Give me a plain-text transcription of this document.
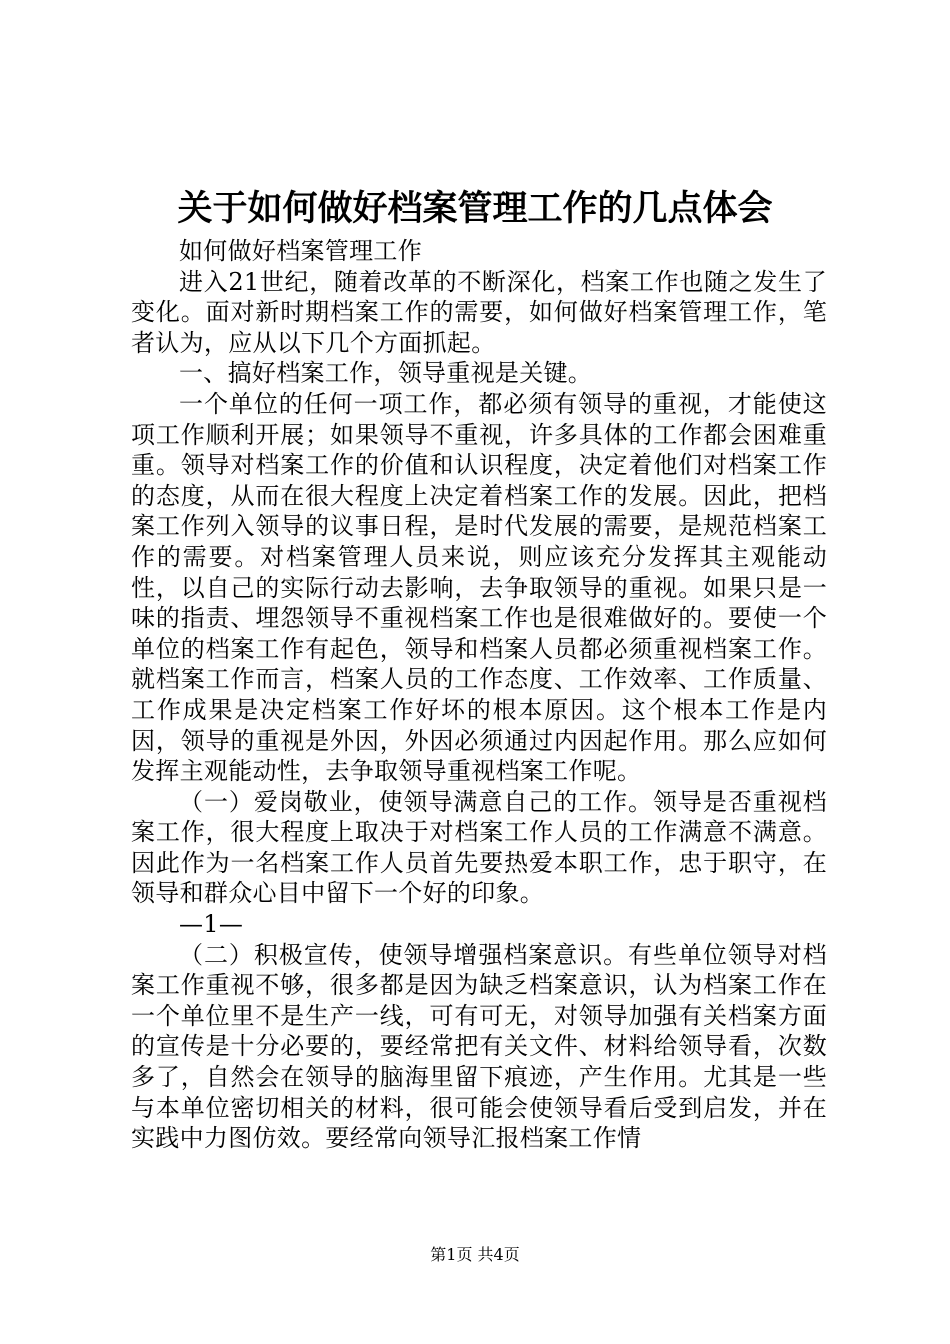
关于如何做好档案管理工作的几点体会

如何做好档案管理工作

进入21世纪，随着改革的不断深化，档案工作也随之发生了变化。面对新时期档案工作的需要，如何做好档案管理工作，笔者认为，应从以下几个方面抓起。

一、搞好档案工作，领导重视是关键。

一个单位的任何一项工作，都必须有领导的重视，才能使这项工作顺利开展；如果领导不重视，许多具体的工作都会困难重重。领导对档案工作的价值和认识程度，决定着他们对档案工作的态度，从而在很大程度上决定着档案工作的发展。因此，把档案工作列入领导的议事日程，是时代发展的需要，是规范档案工作的需要。对档案管理人员来说，则应该充分发挥其主观能动性，以自己的实际行动去影响，去争取领导的重视。如果只是一味的指责、埋怨领导不重视档案工作也是很难做好的。要使一个单位的档案工作有起色，领导和档案人员都必须重视档案工作。就档案工作而言，档案人员的工作态度、工作效率、工作质量、工作成果是决定档案工作好坏的根本原因。这个根本工作是内因，领导的重视是外因，外因必须通过内因起作用。那么应如何发挥主观能动性，去争取领导重视档案工作呢。

（一）爱岗敬业，使领导满意自己的工作。领导是否重视档案工作，很大程度上取决于对档案工作人员的工作满意不满意。因此作为一名档案工作人员首先要热爱本职工作，忠于职守，在领导和群众心目中留下一个好的印象。

—1—

（二）积极宣传，使领导增强档案意识。有些单位领导对档案工作重视不够，很多都是因为缺乏档案意识，认为档案工作在一个单位里不是生产一线，可有可无，对领导加强有关档案方面的宣传是十分必要的，要经常把有关文件、材料给领导看，次数多了，自然会在领导的脑海里留下痕迹，产生作用。尤其是一些与本单位密切相关的材料，很可能会使领导看后受到启发，并在实践中力图仿效。要经常向领导汇报档案工作情

第1页 共4页
